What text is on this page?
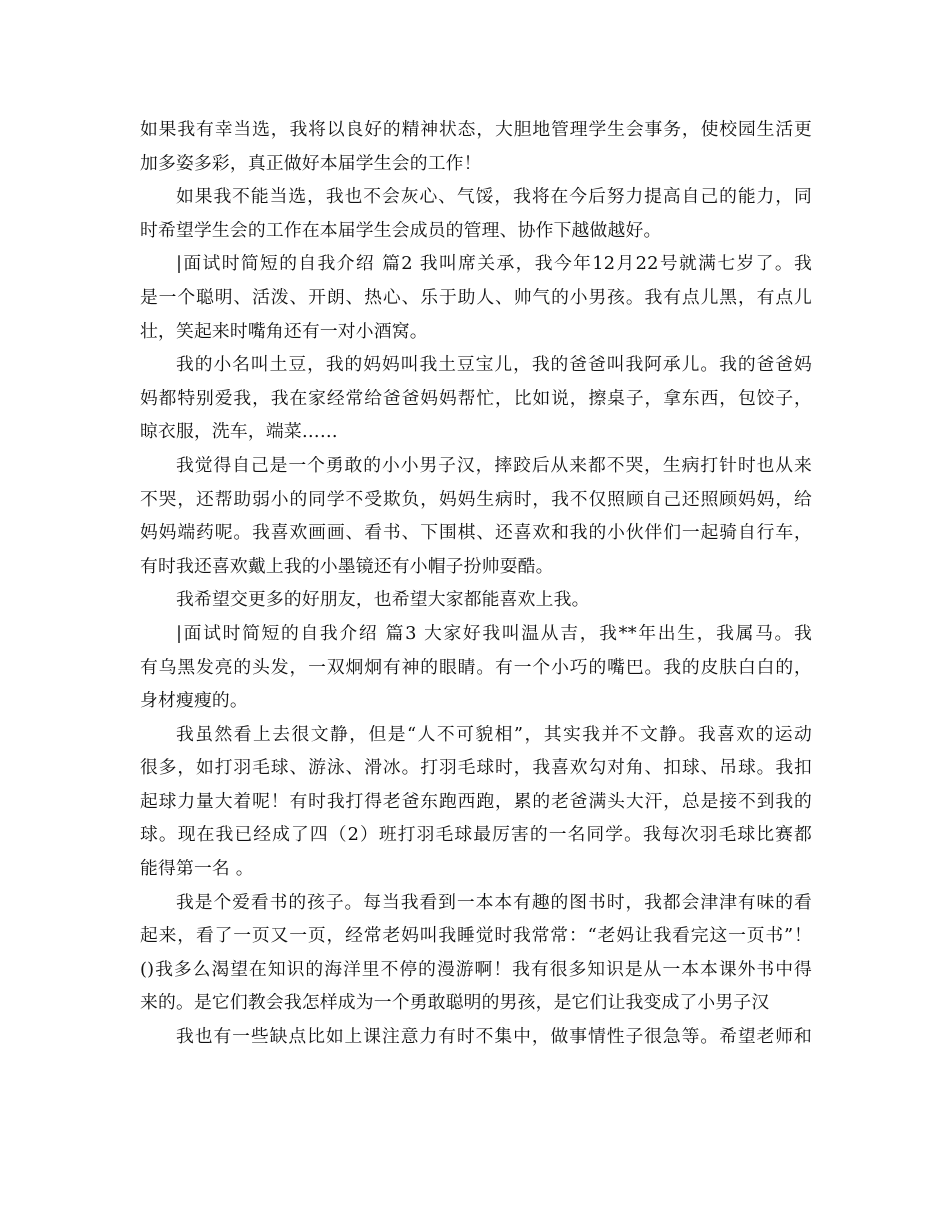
如果我有幸当选，我将以良好的精神状态，大胆地管理学生会事务，使校园生活更
加多姿多彩，真正做好本届学生会的工作！
如果我不能当选，我也不会灰心、气馁，我将在今后努力提高自己的能力，同
时希望学生会的工作在本届学生会成员的管理、协作下越做越好。
|面试时简短的自我介绍 篇2 我叫席关承，我今年12月22号就满七岁了。我
是一个聪明、活泼、开朗、热心、乐于助人、帅气的小男孩。我有点儿黑，有点儿
壮，笑起来时嘴角还有一对小酒窝。
我的小名叫土豆，我的妈妈叫我土豆宝儿，我的爸爸叫我阿承儿。我的爸爸妈
妈都特别爱我，我在家经常给爸爸妈妈帮忙，比如说，擦桌子，拿东西，包饺子，
晾衣服，洗车，端菜……
我觉得自己是一个勇敢的小小男子汉，摔跤后从来都不哭，生病打针时也从来
不哭，还帮助弱小的同学不受欺负，妈妈生病时，我不仅照顾自己还照顾妈妈，给
妈妈端药呢。我喜欢画画、看书、下围棋、还喜欢和我的小伙伴们一起骑自行车，
有时我还喜欢戴上我的小墨镜还有小帽子扮帅耍酷。
我希望交更多的好朋友，也希望大家都能喜欢上我。
|面试时简短的自我介绍 篇3 大家好我叫温从吉，我**年出生，我属马。我
有乌黑发亮的头发，一双炯炯有神的眼睛。有一个小巧的嘴巴。我的皮肤白白的，
身材瘦瘦的。
我虽然看上去很文静，但是“人不可貌相”，其实我并不文静。我喜欢的运动
很多，如打羽毛球、游泳、滑冰。打羽毛球时，我喜欢勾对角、扣球、吊球。我扣
起球力量大着呢！有时我打得老爸东跑西跑，累的老爸满头大汗，总是接不到我的
球。现在我已经成了四（2）班打羽毛球最厉害的一名同学。我每次羽毛球比赛都
能得第一名 。
我是个爱看书的孩子。每当我看到一本本有趣的图书时，我都会津津有味的看
起来，看了一页又一页，经常老妈叫我睡觉时我常常：“老妈让我看完这一页书”！
()我多么渴望在知识的海洋里不停的漫游啊！我有很多知识是从一本本课外书中得
来的。是它们教会我怎样成为一个勇敢聪明的男孩，是它们让我变成了小男子汉
我也有一些缺点比如上课注意力有时不集中，做事情性子很急等。希望老师和
